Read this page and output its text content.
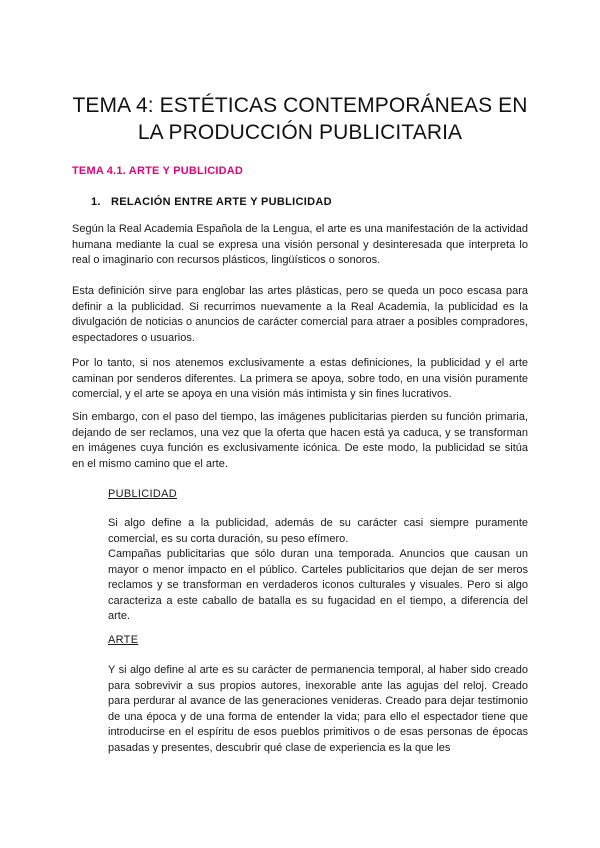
TEMA 4: ESTÉTICAS CONTEMPORÁNEAS EN
LA PRODUCCIÓN PUBLICITARIA
TEMA 4.1. ARTE Y PUBLICIDAD
1. RELACIÓN ENTRE ARTE Y PUBLICIDAD
Según la Real Academia Española de la Lengua, el arte es una manifestación de la actividad humana mediante la cual se expresa una visión personal y desinteresada que interpreta lo real o imaginario con recursos plásticos, lingüísticos o sonoros.
Esta definición sirve para englobar las artes plásticas, pero se queda un poco escasa para definir a la publicidad. Si recurrimos nuevamente a la Real Academia, la publicidad es la divulgación de noticias o anuncios de carácter comercial para atraer a posibles compradores, espectadores o usuarios.
Por lo tanto, si nos atenemos exclusivamente a estas definiciones, la publicidad y el arte caminan por senderos diferentes. La primera se apoya, sobre todo, en una visión puramente comercial, y el arte se apoya en una visión más intimista y sin fines lucrativos.
Sin embargo, con el paso del tiempo, las imágenes publicitarias pierden su función primaria, dejando de ser reclamos, una vez que la oferta que hacen está ya caduca, y se transforman en imágenes cuya función es exclusivamente icónica. De este modo, la publicidad se sitúa en el mismo camino que el arte.
PUBLICIDAD
Si algo define a la publicidad, además de su carácter casi siempre puramente comercial, es su corta duración, su peso efímero.
Campañas publicitarias que sólo duran una temporada. Anuncios que causan un mayor o menor impacto en el público. Carteles publicitarios que dejan de ser meros reclamos y se transforman en verdaderos iconos culturales y visuales. Pero si algo caracteriza a este caballo de batalla es su fugacidad en el tiempo, a diferencia del arte.
ARTE
Y si algo define al arte es su carácter de permanencia temporal, al haber sido creado para sobrevivir a sus propios autores, inexorable ante las agujas del reloj. Creado para perdurar al avance de las generaciones venideras. Creado para dejar testimonio de una época y de una forma de entender la vida; para ello el espectador tiene que introducirse en el espíritu de esos pueblos primitivos o de esas personas de épocas pasadas y presentes, descubrir qué clase de experiencia es la que les
